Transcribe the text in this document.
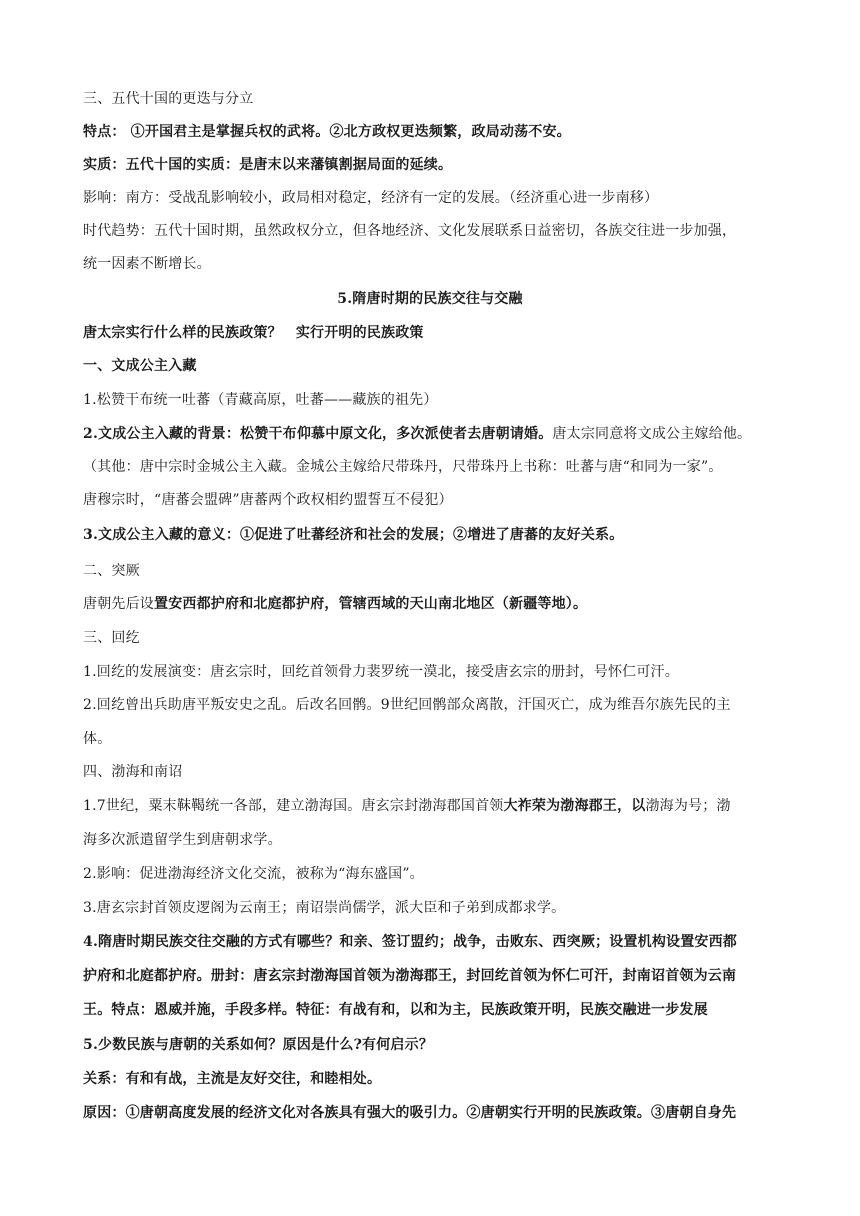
三、五代十国的更迭与分立
特点： ①开国君主是掌握兵权的武将。②北方政权更迭频繁，政局动荡不安。
实质：五代十国的实质：是唐末以来藩镇割据局面的延续。
影响：南方：受战乱影响较小，政局相对稳定，经济有一定的发展。（经济重心进一步南移）
时代趋势：五代十国时期，虽然政权分立，但各地经济、文化发展联系日益密切，各族交往进一步加强，
统一因素不断增长。
5.隋唐时期的民族交往与交融
唐太宗实行什么样的民族政策？ 实行开明的民族政策
一、文成公主入藏
1.松赞干布统一吐蕃（青藏高原，吐蕃——藏族的祖先）
2.文成公主入藏的背景：松赞干布仰慕中原文化，多次派使者去唐朝请婚。唐太宗同意将文成公主嫁给他。
（其他：唐中宗时金城公主入藏。金城公主嫁给尺带珠丹，尺带珠丹上书称：吐蕃与唐“和同为一家”。
唐穆宗时，“唐蕃会盟碑”唐蕃两个政权相约盟誓互不侵犯）
3.文成公主入藏的意义：①促进了吐蕃经济和社会的发展；②增进了唐蕃的友好关系。
二、突厥
唐朝先后设置安西都护府和北庭都护府，管辖西域的天山南北地区（新疆等地）。
三、回纥
1.回纥的发展演变：唐玄宗时，回纥首领骨力裴罗统一漠北，接受唐玄宗的册封，号怀仁可汗。
2.回纥曾出兵助唐平叛安史之乱。后改名回鹘。9世纪回鹘部众离散，汗国灭亡，成为维吾尔族先民的主
体。
四、渤海和南诏
1.7世纪，粟末靺鞨统一各部，建立渤海国。唐玄宗封渤海郡国首领大祚荣为渤海郡王，以渤海为号；渤
海多次派遣留学生到唐朝求学。
2.影响：促进渤海经济文化交流，被称为“海东盛国”。
3.唐玄宗封首领皮逻阁为云南王；南诏崇尚儒学，派大臣和子弟到成都求学。
4.隋唐时期民族交往交融的方式有哪些？和亲、签订盟约；战争，击败东、西突厥；设置机构设置安西都
护府和北庭都护府。册封：唐玄宗封渤海国首领为渤海郡王，封回纥首领为怀仁可汗，封南诏首领为云南
王。特点：恩威并施，手段多样。特征：有战有和，以和为主，民族政策开明，民族交融进一步发展
5.少数民族与唐朝的关系如何？原因是什么?有何启示？
关系：有和有战，主流是友好交往，和睦相处。
原因：①唐朝高度发展的经济文化对各族具有强大的吸引力。②唐朝实行开明的民族政策。③唐朝自身先
